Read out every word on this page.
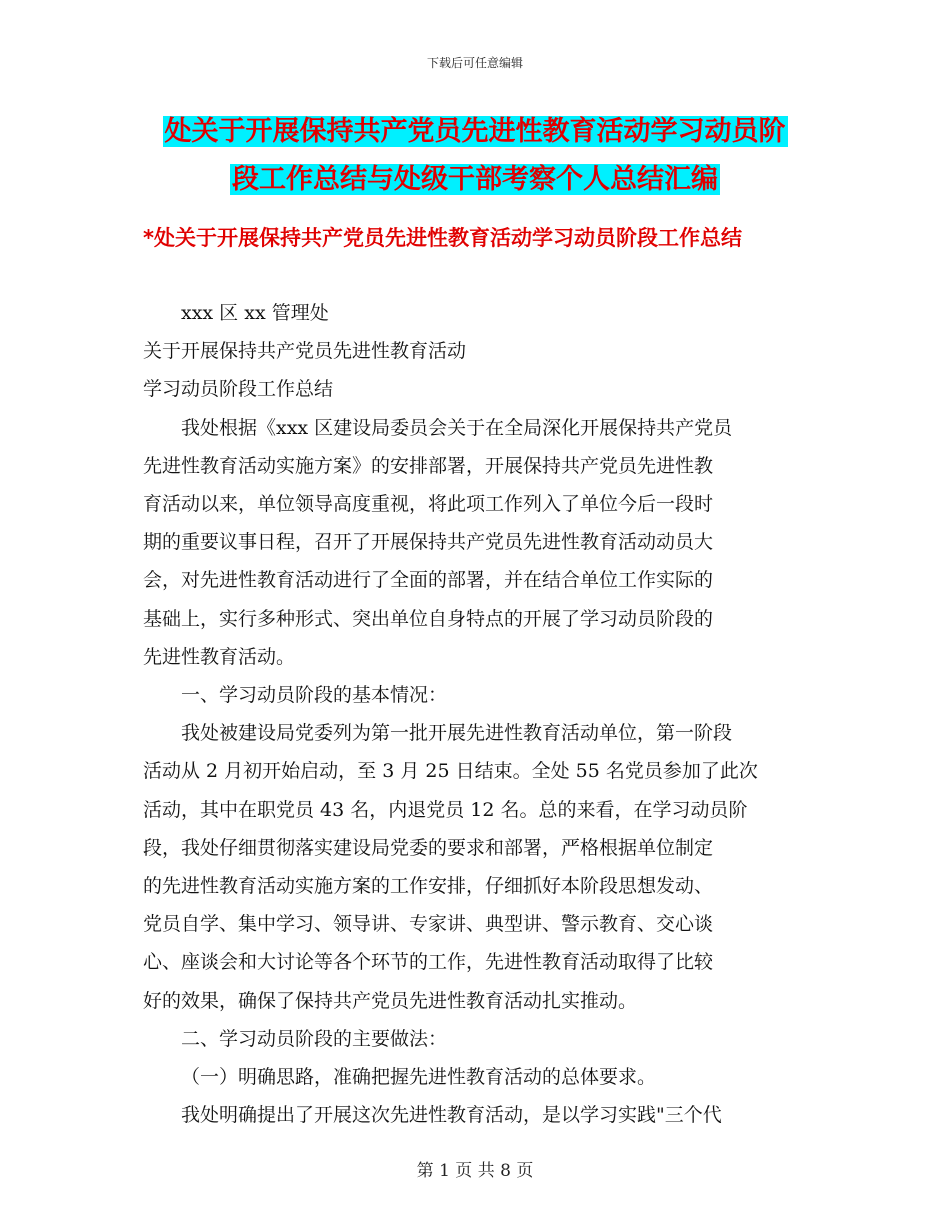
下载后可任意编辑
处关于开展保持共产党员先进性教育活动学习动员阶
段工作总结与处级干部考察个人总结汇编
*处关于开展保持共产党员先进性教育活动学习动员阶段工作总结
xxx 区 xx 管理处
关于开展保持共产党员先进性教育活动
学习动员阶段工作总结
我处根据《xxx 区建设局委员会关于在全局深化开展保持共产党员
先进性教育活动实施方案》的安排部署，开展保持共产党员先进性教
育活动以来，单位领导高度重视，将此项工作列入了单位今后一段时
期的重要议事日程，召开了开展保持共产党员先进性教育活动动员大
会，对先进性教育活动进行了全面的部署，并在结合单位工作实际的
基础上，实行多种形式、突出单位自身特点的开展了学习动员阶段的
先进性教育活动。
一、学习动员阶段的基本情况：
我处被建设局党委列为第一批开展先进性教育活动单位，第一阶段
活动从 2 月初开始启动，至 3 月 25 日结束。全处 55 名党员参加了此次
活动，其中在职党员 43 名，内退党员 12 名。总的来看，在学习动员阶
段，我处仔细贯彻落实建设局党委的要求和部署，严格根据单位制定
的先进性教育活动实施方案的工作安排，仔细抓好本阶段思想发动、
党员自学、集中学习、领导讲、专家讲、典型讲、警示教育、交心谈
心、座谈会和大讨论等各个环节的工作，先进性教育活动取得了比较
好的效果，确保了保持共产党员先进性教育活动扎实推动。
二、学习动员阶段的主要做法：
（一）明确思路，准确把握先进性教育活动的总体要求。
我处明确提出了开展这次先进性教育活动，是以学习实践"三个代
第 1 页 共 8 页
